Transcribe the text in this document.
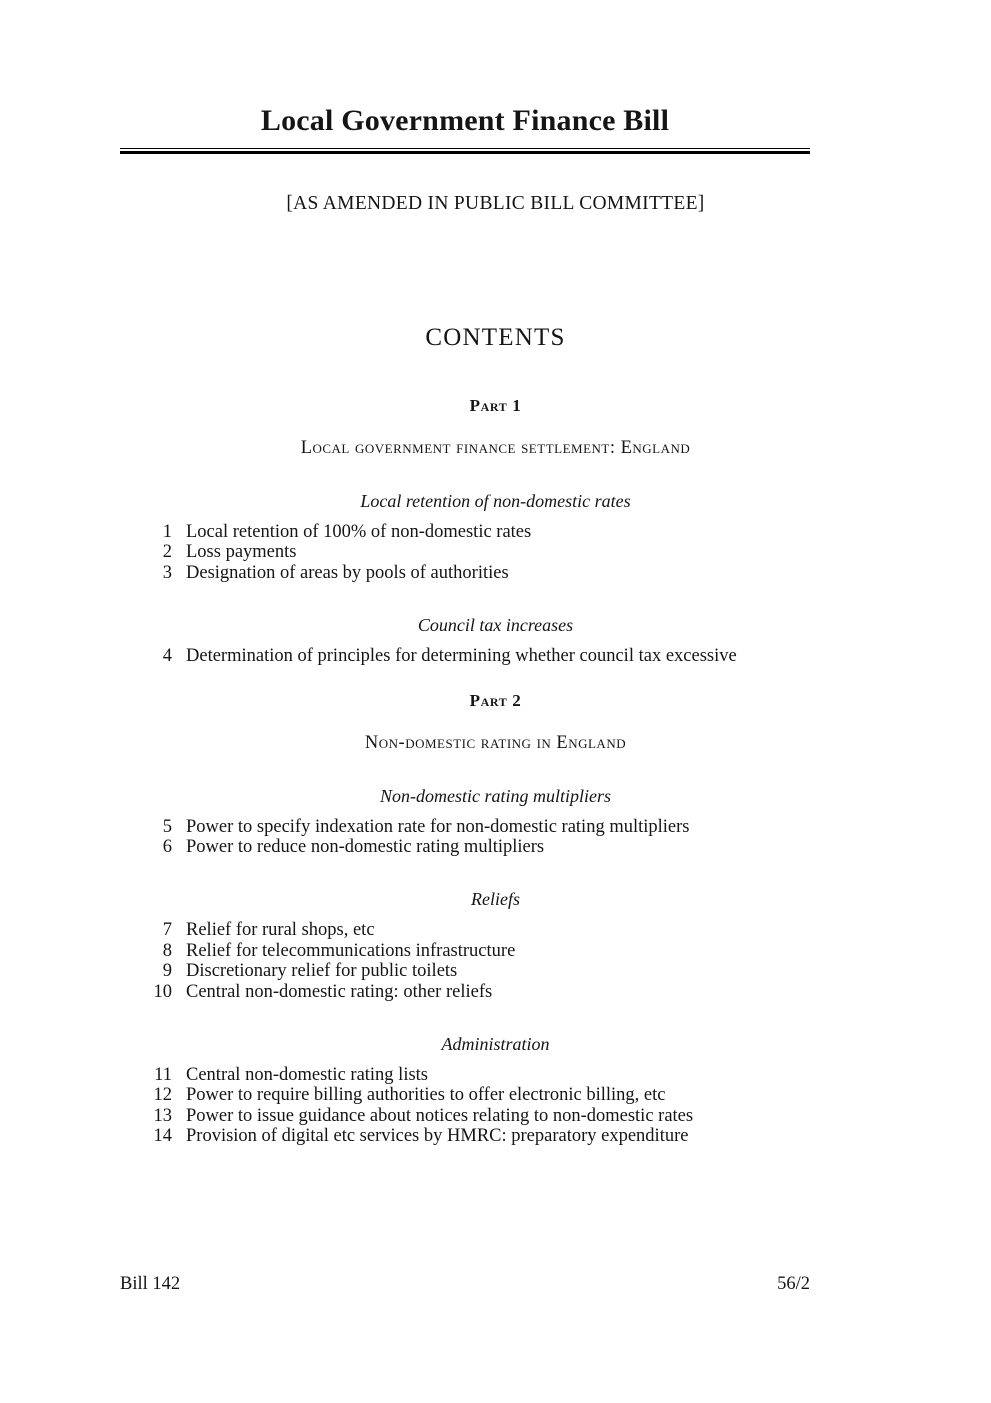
Local Government Finance Bill
[AS AMENDED IN PUBLIC BILL COMMITTEE]
CONTENTS
Part 1
Local government finance settlement: England
Local retention of non-domestic rates
1 Local retention of 100% of non-domestic rates
2 Loss payments
3 Designation of areas by pools of authorities
Council tax increases
4 Determination of principles for determining whether council tax excessive
Part 2
Non-domestic rating in England
Non-domestic rating multipliers
5 Power to specify indexation rate for non-domestic rating multipliers
6 Power to reduce non-domestic rating multipliers
Reliefs
7 Relief for rural shops, etc
8 Relief for telecommunications infrastructure
9 Discretionary relief for public toilets
10 Central non-domestic rating: other reliefs
Administration
11 Central non-domestic rating lists
12 Power to require billing authorities to offer electronic billing, etc
13 Power to issue guidance about notices relating to non-domestic rates
14 Provision of digital etc services by HMRC: preparatory expenditure
Bill 142	56/2
